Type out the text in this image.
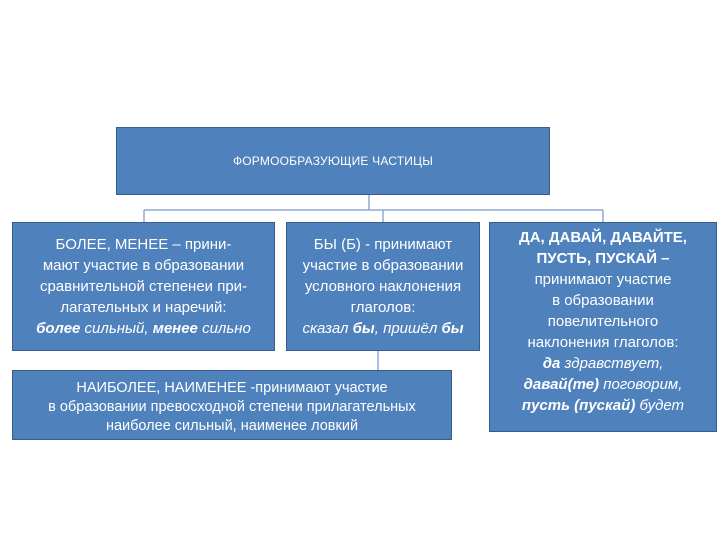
ФОРМООБРАЗУЮЩИЕ ЧАСТИЦЫ
БОЛЕЕ, МЕНЕЕ – прини-
мают участие в образовании
сравнительной степенеи при-
лагательных и наречий:
более сильный, менее сильно
БЫ (Б) - принимают
участие в образовании
условного наклонения
глаголов:
сказал бы, пришёл бы
ДА, ДАВАЙ, ДАВАЙТЕ,
ПУСТЬ, ПУСКАЙ –
принимают участие
в образовании
повелительного
наклонения глаголов:
да здравствует,
давай(те) поговорим,
пусть (пускай) будет
НАИБОЛЕЕ, НАИМЕНЕЕ -принимают участие
в образовании превосходной степени прилагательных
наиболее сильный, наименее ловкий
